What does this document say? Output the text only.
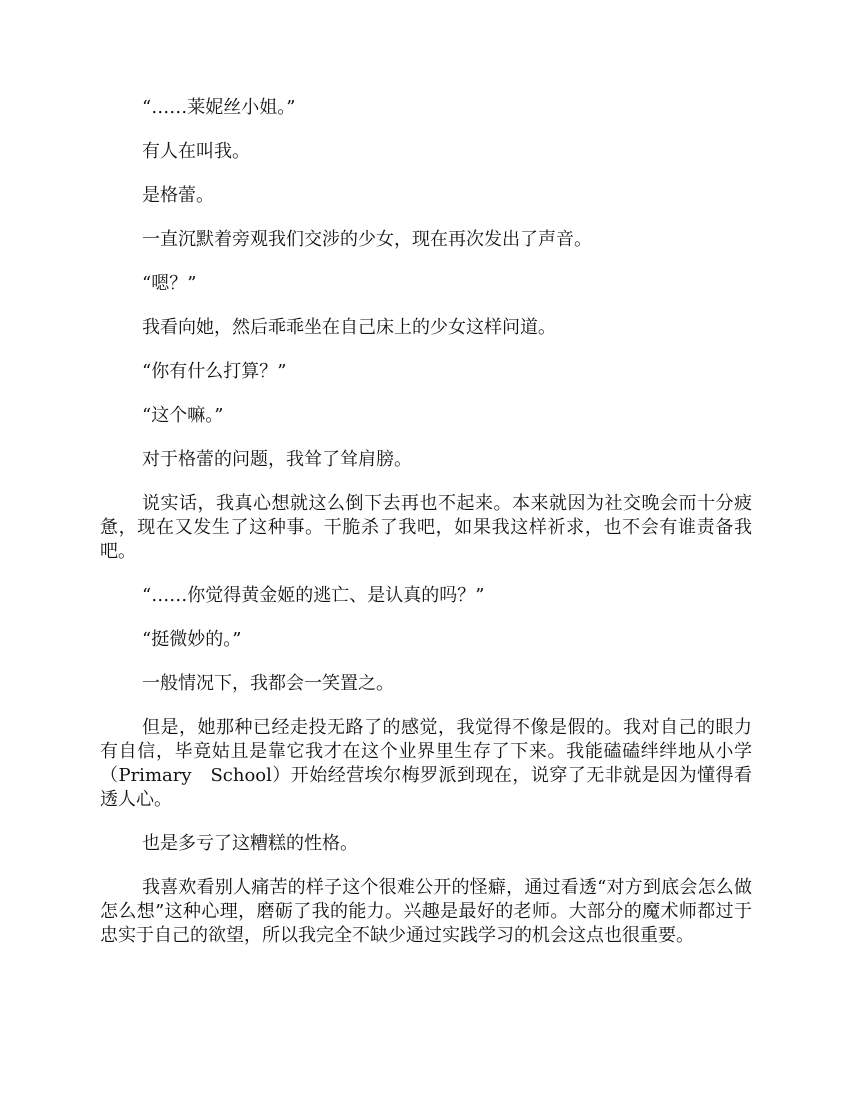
“……莱妮丝小姐。”

有人在叫我。

是格蕾。

一直沉默着旁观我们交涉的少女，现在再次发出了声音。

“嗯？”

我看向她，然后乖乖坐在自己床上的少女这样问道。

“你有什么打算？”

“这个嘛。”

对于格蕾的问题，我耸了耸肩膀。

说实话，我真心想就这么倒下去再也不起来。本来就因为社交晚会而十分疲惫，现在又发生了这种事。干脆杀了我吧，如果我这样祈求，也不会有谁责备我吧。

“……你觉得黄金姬的逃亡、是认真的吗？”

“挺微妙的。”

一般情况下，我都会一笑置之。

但是，她那种已经走投无路了的感觉，我觉得不像是假的。我对自己的眼力有自信，毕竟姑且是靠它我才在这个业界里生存了下来。我能磕磕绊绊地从小学（Primary　School）开始经营埃尔梅罗派到现在，说穿了无非就是因为懂得看透人心。

也是多亏了这糟糕的性格。

我喜欢看别人痛苦的样子这个很难公开的怪癖，通过看透“对方到底会怎么做怎么想”这种心理，磨砺了我的能力。兴趣是最好的老师。大部分的魔术师都过于忠实于自己的欲望，所以我完全不缺少通过实践学习的机会这点也很重要。
